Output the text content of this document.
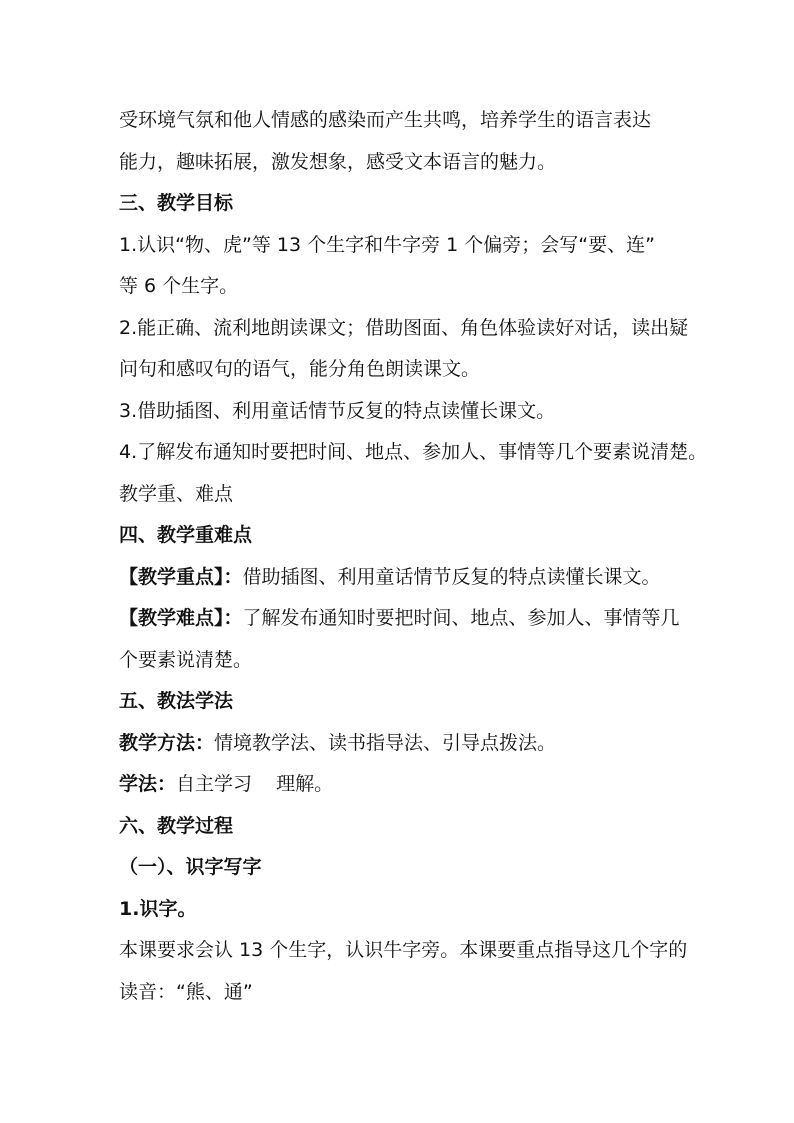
受环境气氛和他人情感的感染而产生共鸣，培养学生的语言表达
能力，趣味拓展，激发想象，感受文本语言的魅力。
三、教学目标
1.认识“物、虎”等 13 个生字和牛字旁 1 个偏旁；会写“要、连”
等 6 个生字。
2.能正确、流利地朗读课文；借助图面、角色体验读好对话，读出疑
问句和感叹句的语气，能分角色朗读课文。
3.借助插图、利用童话情节反复的特点读懂长课文。
4.了解发布通知时要把时间、地点、参加人、事情等几个要素说清楚。
教学重、难点
四、教学重难点
【教学重点】：借助插图、利用童话情节反复的特点读懂长课文。
【教学难点】：了解发布通知时要把时间、地点、参加人、事情等几
个要素说清楚。
五、教法学法
教学方法：情境教学法、读书指导法、引导点拨法。
学法：自主学习    理解。
六、教学过程
（一）、识字写字
1.识字。
本课要求会认 13 个生字，认识牛字旁。本课要重点指导这几个字的
读音：“熊、通”
